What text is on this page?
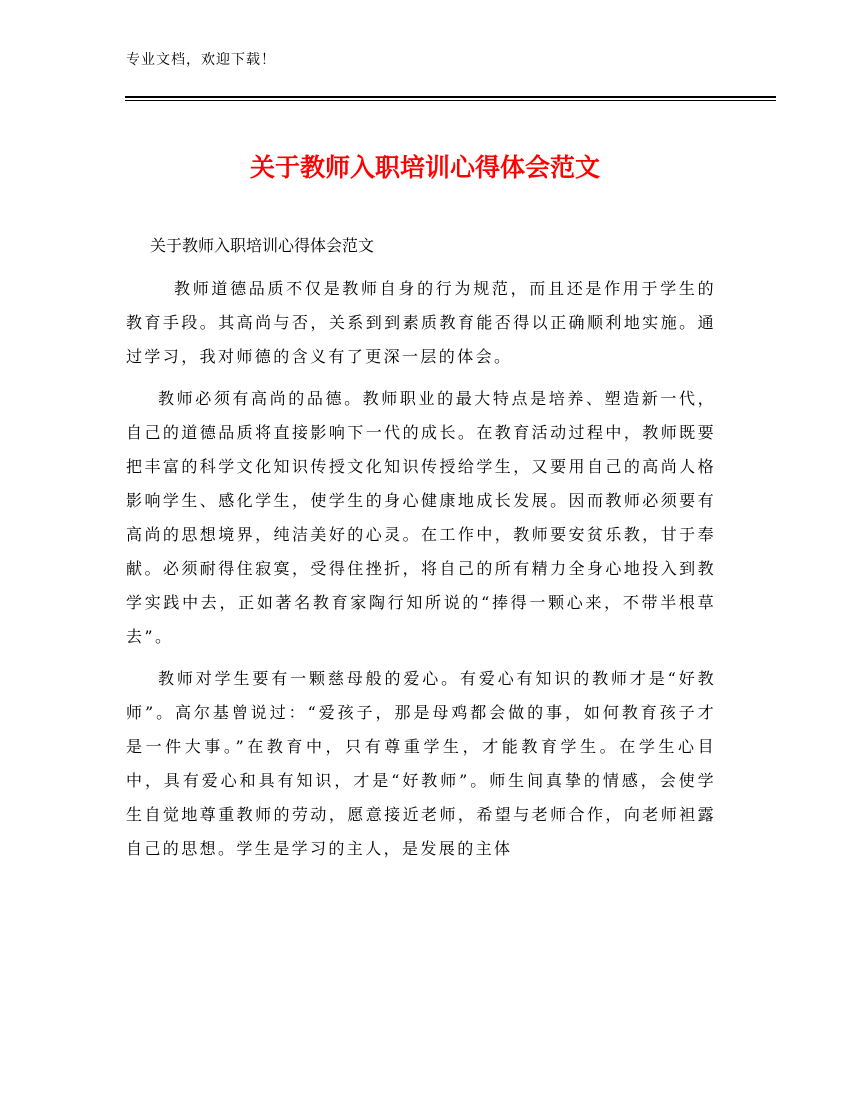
专业文档，欢迎下载！
关于教师入职培训心得体会范文
关于教师入职培训心得体会范文

教师道德品质不仅是教师自身的行为规范，而且还是作用于学生的教育手段。其高尚与否，关系到到素质教育能否得以正确顺利地实施。通过学习，我对师德的含义有了更深一层的体会。

教师必须有高尚的品德。教师职业的最大特点是培养、塑造新一代，自己的道德品质将直接影响下一代的成长。在教育活动过程中，教师既要把丰富的科学文化知识传授文化知识传授给学生，又要用自己的高尚人格影响学生、感化学生，使学生的身心健康地成长发展。因而教师必须要有高尚的思想境界，纯洁美好的心灵。在工作中，教师要安贫乐教，甘于奉献。必须耐得住寂寞，受得住挫折，将自己的所有精力全身心地投入到教学实践中去，正如著名教育家陶行知所说的“捧得一颗心来，不带半根草去”。

教师对学生要有一颗慈母般的爱心。有爱心有知识的教师才是“好教师”。高尔基曾说过：“爱孩子，那是母鸡都会做的事，如何教育孩子才是一件大事。”在教育中，只有尊重学生，才能教育学生。在学生心目中，具有爱心和具有知识，才是“好教师”。师生间真挚的情感，会使学生自觉地尊重教师的劳动，愿意接近老师，希望与老师合作，向老师袒露自己的思想。学生是学习的主人，是发展的主体
